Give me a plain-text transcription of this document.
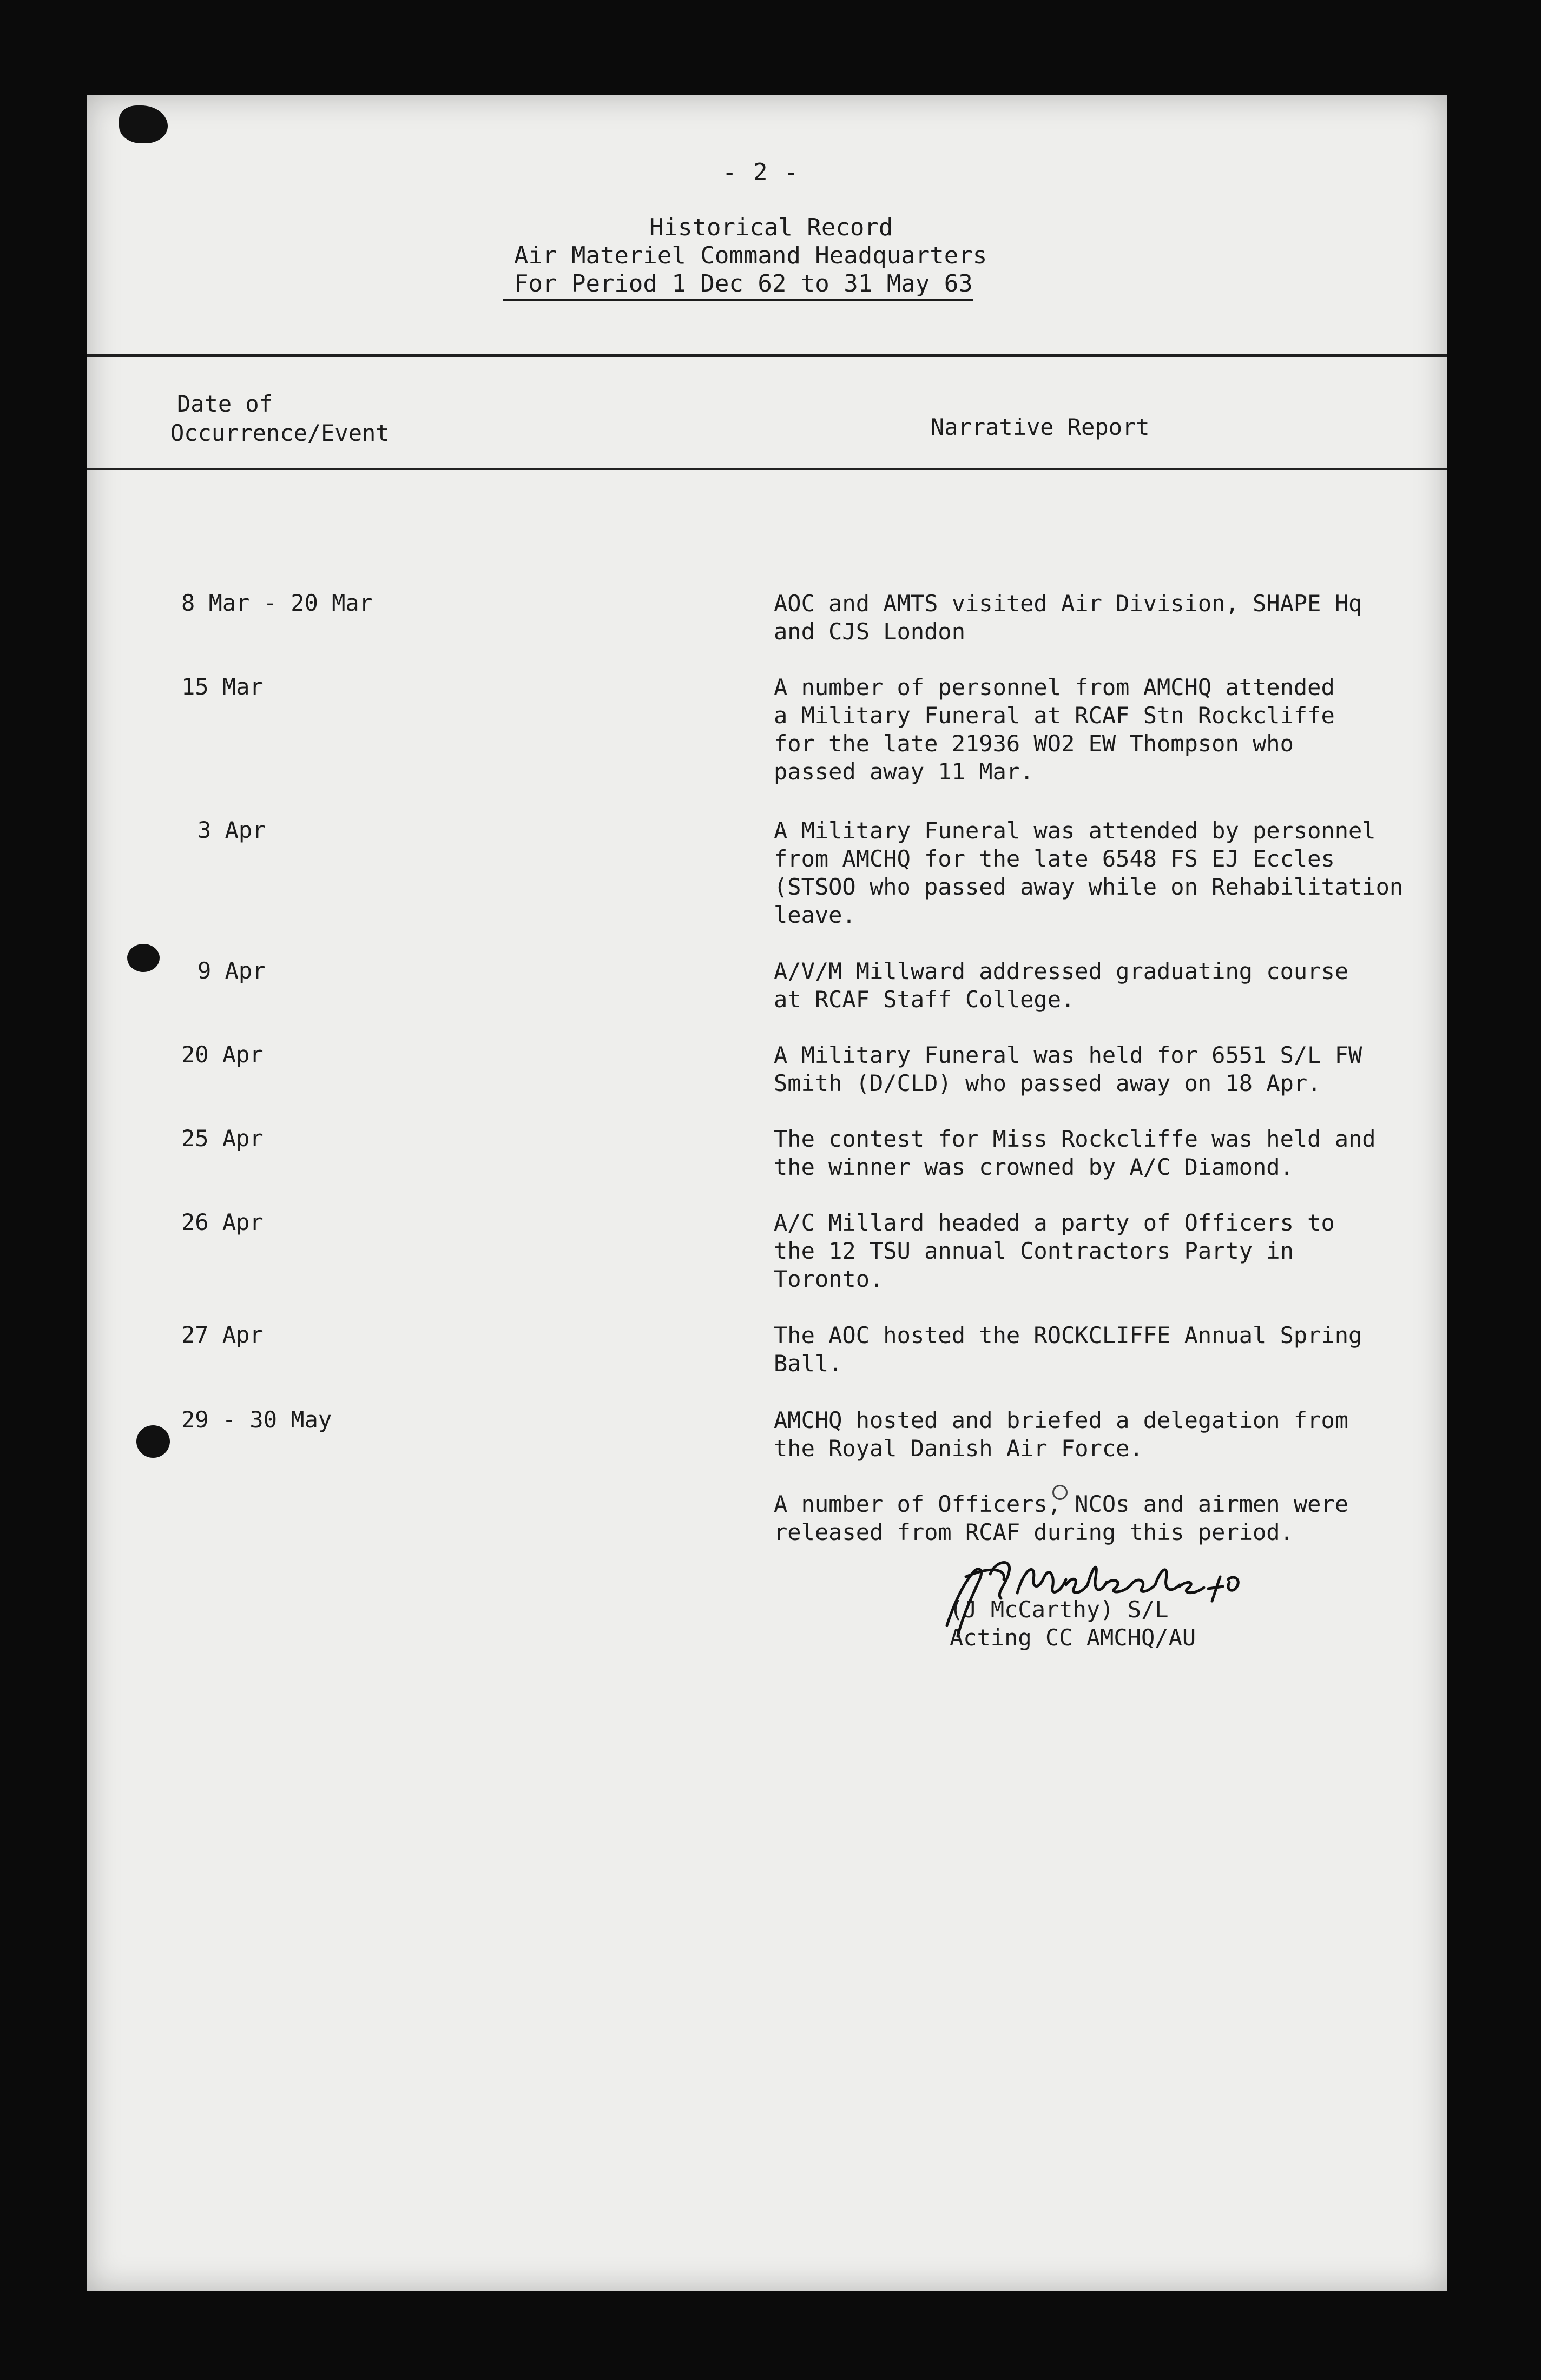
- 2 -
Historical Record
Air Materiel Command Headquarters
For Period 1 Dec 62 to 31 May 63
Date of
Occurrence/Event	Narrative Report
8 Mar - 20 Mar	AOC and AMTS visited Air Division, SHAPE Hq
and CJS London
15 Mar	A number of personnel from AMCHQ attended
a Military Funeral at RCAF Stn Rockcliffe
for the late 21936 WO2 EW Thompson who
passed away 11 Mar.
3 Apr	A Military Funeral was attended by personnel
from AMCHQ for the late 6548 FS EJ Eccles
(STSOO who passed away while on Rehabilitation
leave.
9 Apr	A/V/M Millward addressed graduating course
at RCAF Staff College.
20 Apr	A Military Funeral was held for 6551 S/L FW
Smith (D/CLD) who passed away on 18 Apr.
25 Apr	The contest for Miss Rockcliffe was held and
the winner was crowned by A/C Diamond.
26 Apr	A/C Millard headed a party of Officers to
the 12 TSU annual Contractors Party in
Toronto.
27 Apr	The AOC hosted the ROCKCLIFFE Annual Spring
Ball.
29 - 30 May	AMCHQ hosted and briefed a delegation from
the Royal Danish Air Force.
A number of Officers, NCOs and airmen were
released from RCAF during this period.
(J McCarthy) S/L
Acting CC AMCHQ/AU
